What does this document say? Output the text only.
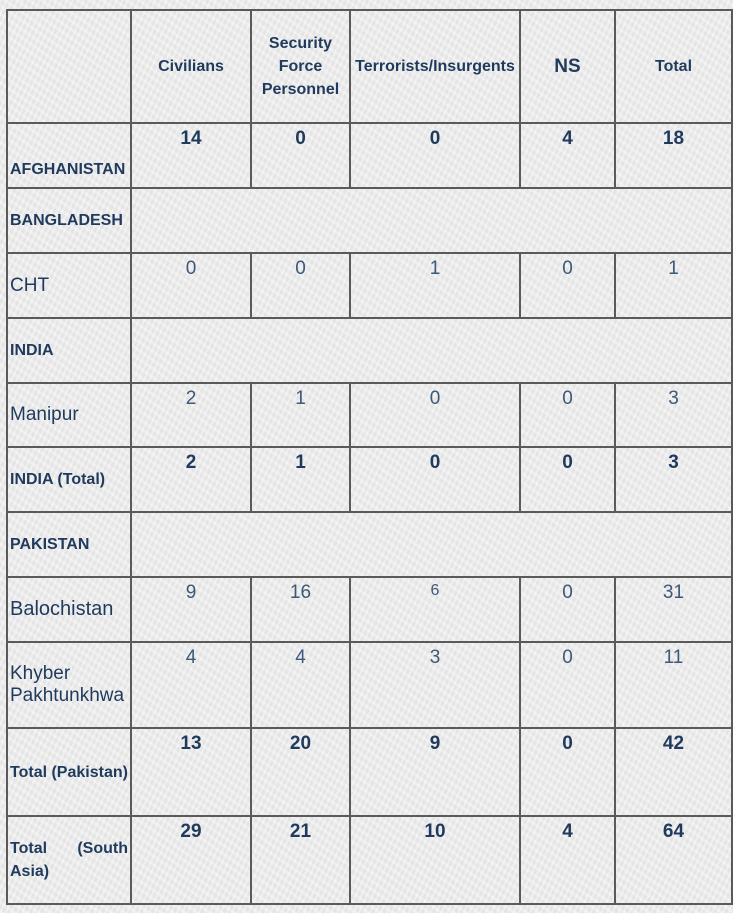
	Civilians	Security Force Personnel	Terrorists/Insurgents	NS	Total
AFGHANISTAN	14	0	0	4	18
BANGLADESH					
CHT	0	0	1	0	1
INDIA					
Manipur	2	1	0	0	3
INDIA (Total)	2	1	0	0	3
PAKISTAN					
Balochistan	9	16	6	0	31
Khyber Pakhtunkhwa	4	4	3	0	11
Total (Pakistan)	13	20	9	0	42

Total (South
Asia)	29	21	10	4	64
